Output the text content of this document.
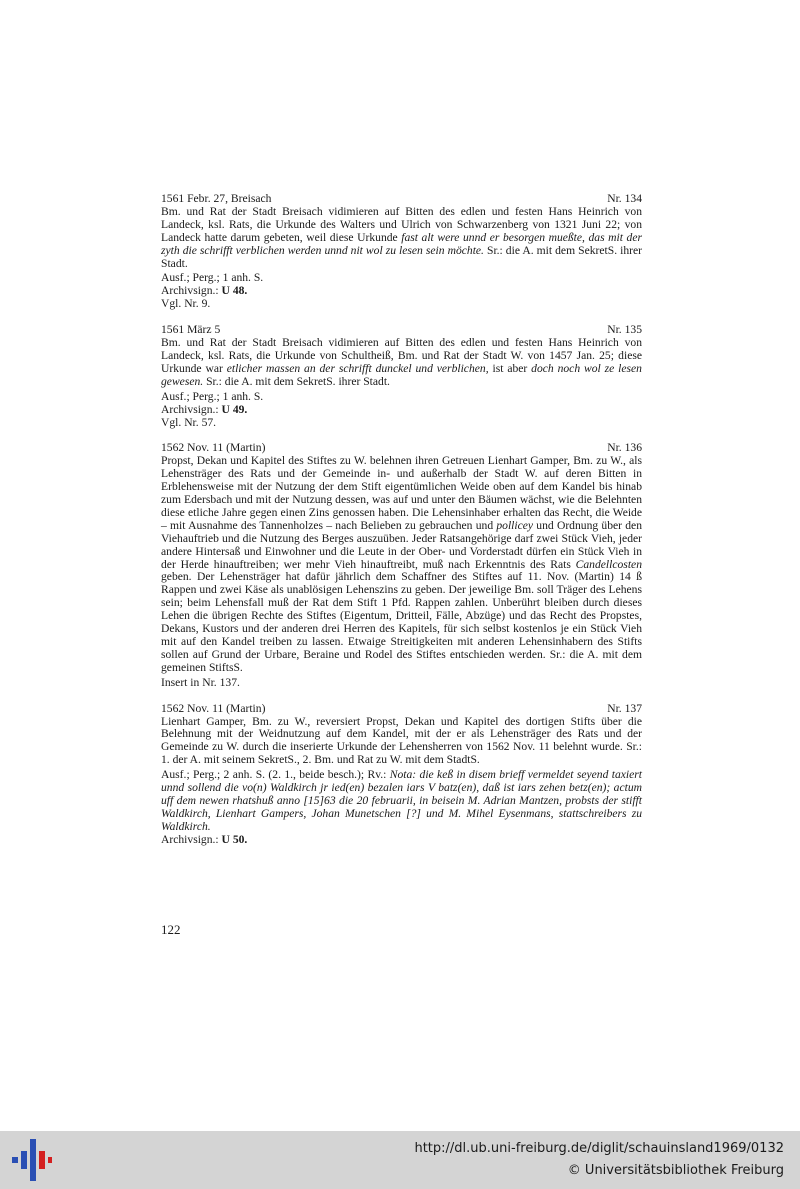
1561 Febr. 27, Breisach	Nr. 134
Bm. und Rat der Stadt Breisach vidimieren auf Bitten des edlen und festen Hans Heinrich von Landeck, ksl. Rats, die Urkunde des Walters und Ulrich von Schwarzenberg von 1321 Juni 22; von Landeck hatte darum gebeten, weil diese Urkunde fast alt were unnd er besorgen mueßte, das mit der zyth die schrifft verblichen werden unnd nit wol zu lesen sein möchte. Sr.: die A. mit dem SekretS. ihrer Stadt.
Ausf.; Perg.; 1 anh. S.
Archivsign.: U 48.
Vgl. Nr. 9.
1561 März 5	Nr. 135
Bm. und Rat der Stadt Breisach vidimieren auf Bitten des edlen und festen Hans Heinrich von Landeck, ksl. Rats, die Urkunde von Schultheiß, Bm. und Rat der Stadt W. von 1457 Jan. 25; diese Urkunde war etlicher massen an der schrifft dunckel und verblichen, ist aber doch noch wol ze lesen gewesen. Sr.: die A. mit dem SekretS. ihrer Stadt.
Ausf.; Perg.; 1 anh. S.
Archivsign.: U 49.
Vgl. Nr. 57.
1562 Nov. 11 (Martin)	Nr. 136
Propst, Dekan und Kapitel des Stiftes zu W. belehnen ihren Getreuen Lienhart Gamper, Bm. zu W., als Lehensträger des Rats und der Gemeinde in- und außerhalb der Stadt W. auf deren Bitten in Erblehensweise mit der Nutzung der dem Stift eigentümlichen Weide oben auf dem Kandel bis hinab zum Edersbach und mit der Nutzung dessen, was auf und unter den Bäumen wächst, wie die Belehnten diese etliche Jahre gegen einen Zins genossen haben. Die Lehensinhaber erhalten das Recht, die Weide – mit Ausnahme des Tannenholzes – nach Belieben zu gebrauchen und pollicey und Ordnung über den Viehauftrieb und die Nutzung des Berges auszuüben. Jeder Ratsangehörige darf zwei Stück Vieh, jeder andere Hintersaß und Einwohner und die Leute in der Ober- und Vorderstadt dürfen ein Stück Vieh in der Herde hinauftreiben; wer mehr Vieh hinauftreibt, muß nach Erkenntnis des Rats Candellcosten geben. Der Lehensträger hat dafür jährlich dem Schaffner des Stiftes auf 11. Nov. (Martin) 14 ß Rappen und zwei Käse als unablösigen Lehenszins zu geben. Der jeweilige Bm. soll Träger des Lehens sein; beim Lehensfall muß der Rat dem Stift 1 Pfd. Rappen zahlen. Unberührt bleiben durch dieses Lehen die übrigen Rechte des Stiftes (Eigentum, Dritteil, Fälle, Abzüge) und das Recht des Propstes, Dekans, Kustors und der anderen drei Herren des Kapitels, für sich selbst kostenlos je ein Stück Vieh mit auf den Kandel treiben zu lassen. Etwaige Streitigkeiten mit anderen Lehensinhabern des Stifts sollen auf Grund der Urbare, Beraine und Rodel des Stiftes entschieden werden. Sr.: die A. mit dem gemeinen StiftsS.
Insert in Nr. 137.
1562 Nov. 11 (Martin)	Nr. 137
Lienhart Gamper, Bm. zu W., reversiert Propst, Dekan und Kapitel des dortigen Stifts über die Belehnung mit der Weidnutzung auf dem Kandel, mit der er als Lehensträger des Rats und der Gemeinde zu W. durch die inserierte Urkunde der Lehensherren von 1562 Nov. 11 belehnt wurde. Sr.: 1. der A. mit seinem SekretS., 2. Bm. und Rat zu W. mit dem StadtS.
Ausf.; Perg.; 2 anh. S. (2. 1., beide besch.); Rv.: Nota: die keß in disem brieff vermeldet seyend taxiert unnd sollend die vo(n) Waldkirch jr ied(en) bezalen iars V batz(en), daß ist iars zehen betz(en); actum uff dem newen rhatshuß anno [15]63 die 20 februarii, in beisein M. Adrian Mantzen, probsts der stifft Waldkirch, Lienhart Gampers, Johan Munetschen [?] und M. Mihel Eysenmans, stattschreibers zu Waldkirch.
Archivsign.: U 50.
122
http://dl.ub.uni-freiburg.de/diglit/schauinsland1969/0132
© Universitätsbibliothek Freiburg
